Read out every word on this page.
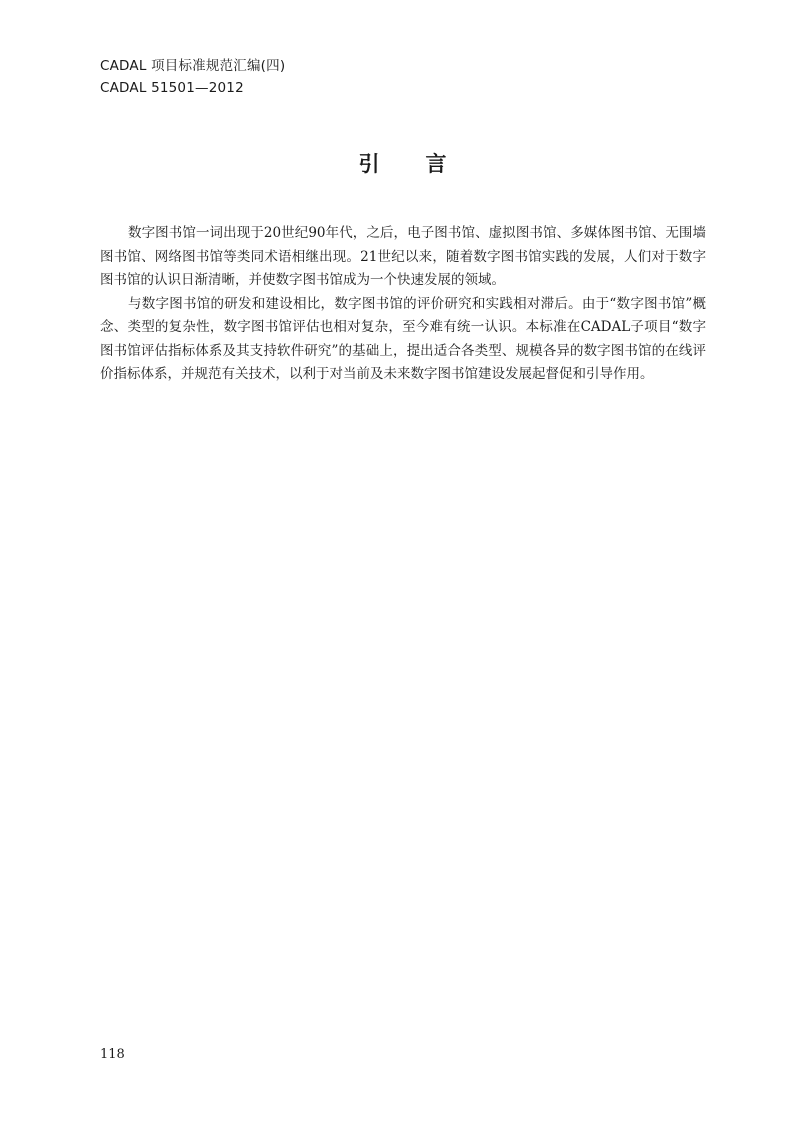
CADAL 项目标准规范汇编(四)
CADAL 51501—2012
引言

数字图书馆一词出现于20世纪90年代，之后，电子图书馆、虚拟图书馆、多媒体图书馆、无围墙图书馆、网络图书馆等类同术语相继出现。21世纪以来，随着数字图书馆实践的发展，人们对于数字图书馆的认识日渐清晰，并使数字图书馆成为一个快速发展的领域。

与数字图书馆的研发和建设相比，数字图书馆的评价研究和实践相对滞后。由于“数字图书馆”概念、类型的复杂性，数字图书馆评估也相对复杂，至今难有统一认识。本标准在CADAL子项目“数字图书馆评估指标体系及其支持软件研究”的基础上，提出适合各类型、规模各异的数字图书馆的在线评价指标体系，并规范有关技术，以利于对当前及未来数字图书馆建设发展起督促和引导作用。

118
